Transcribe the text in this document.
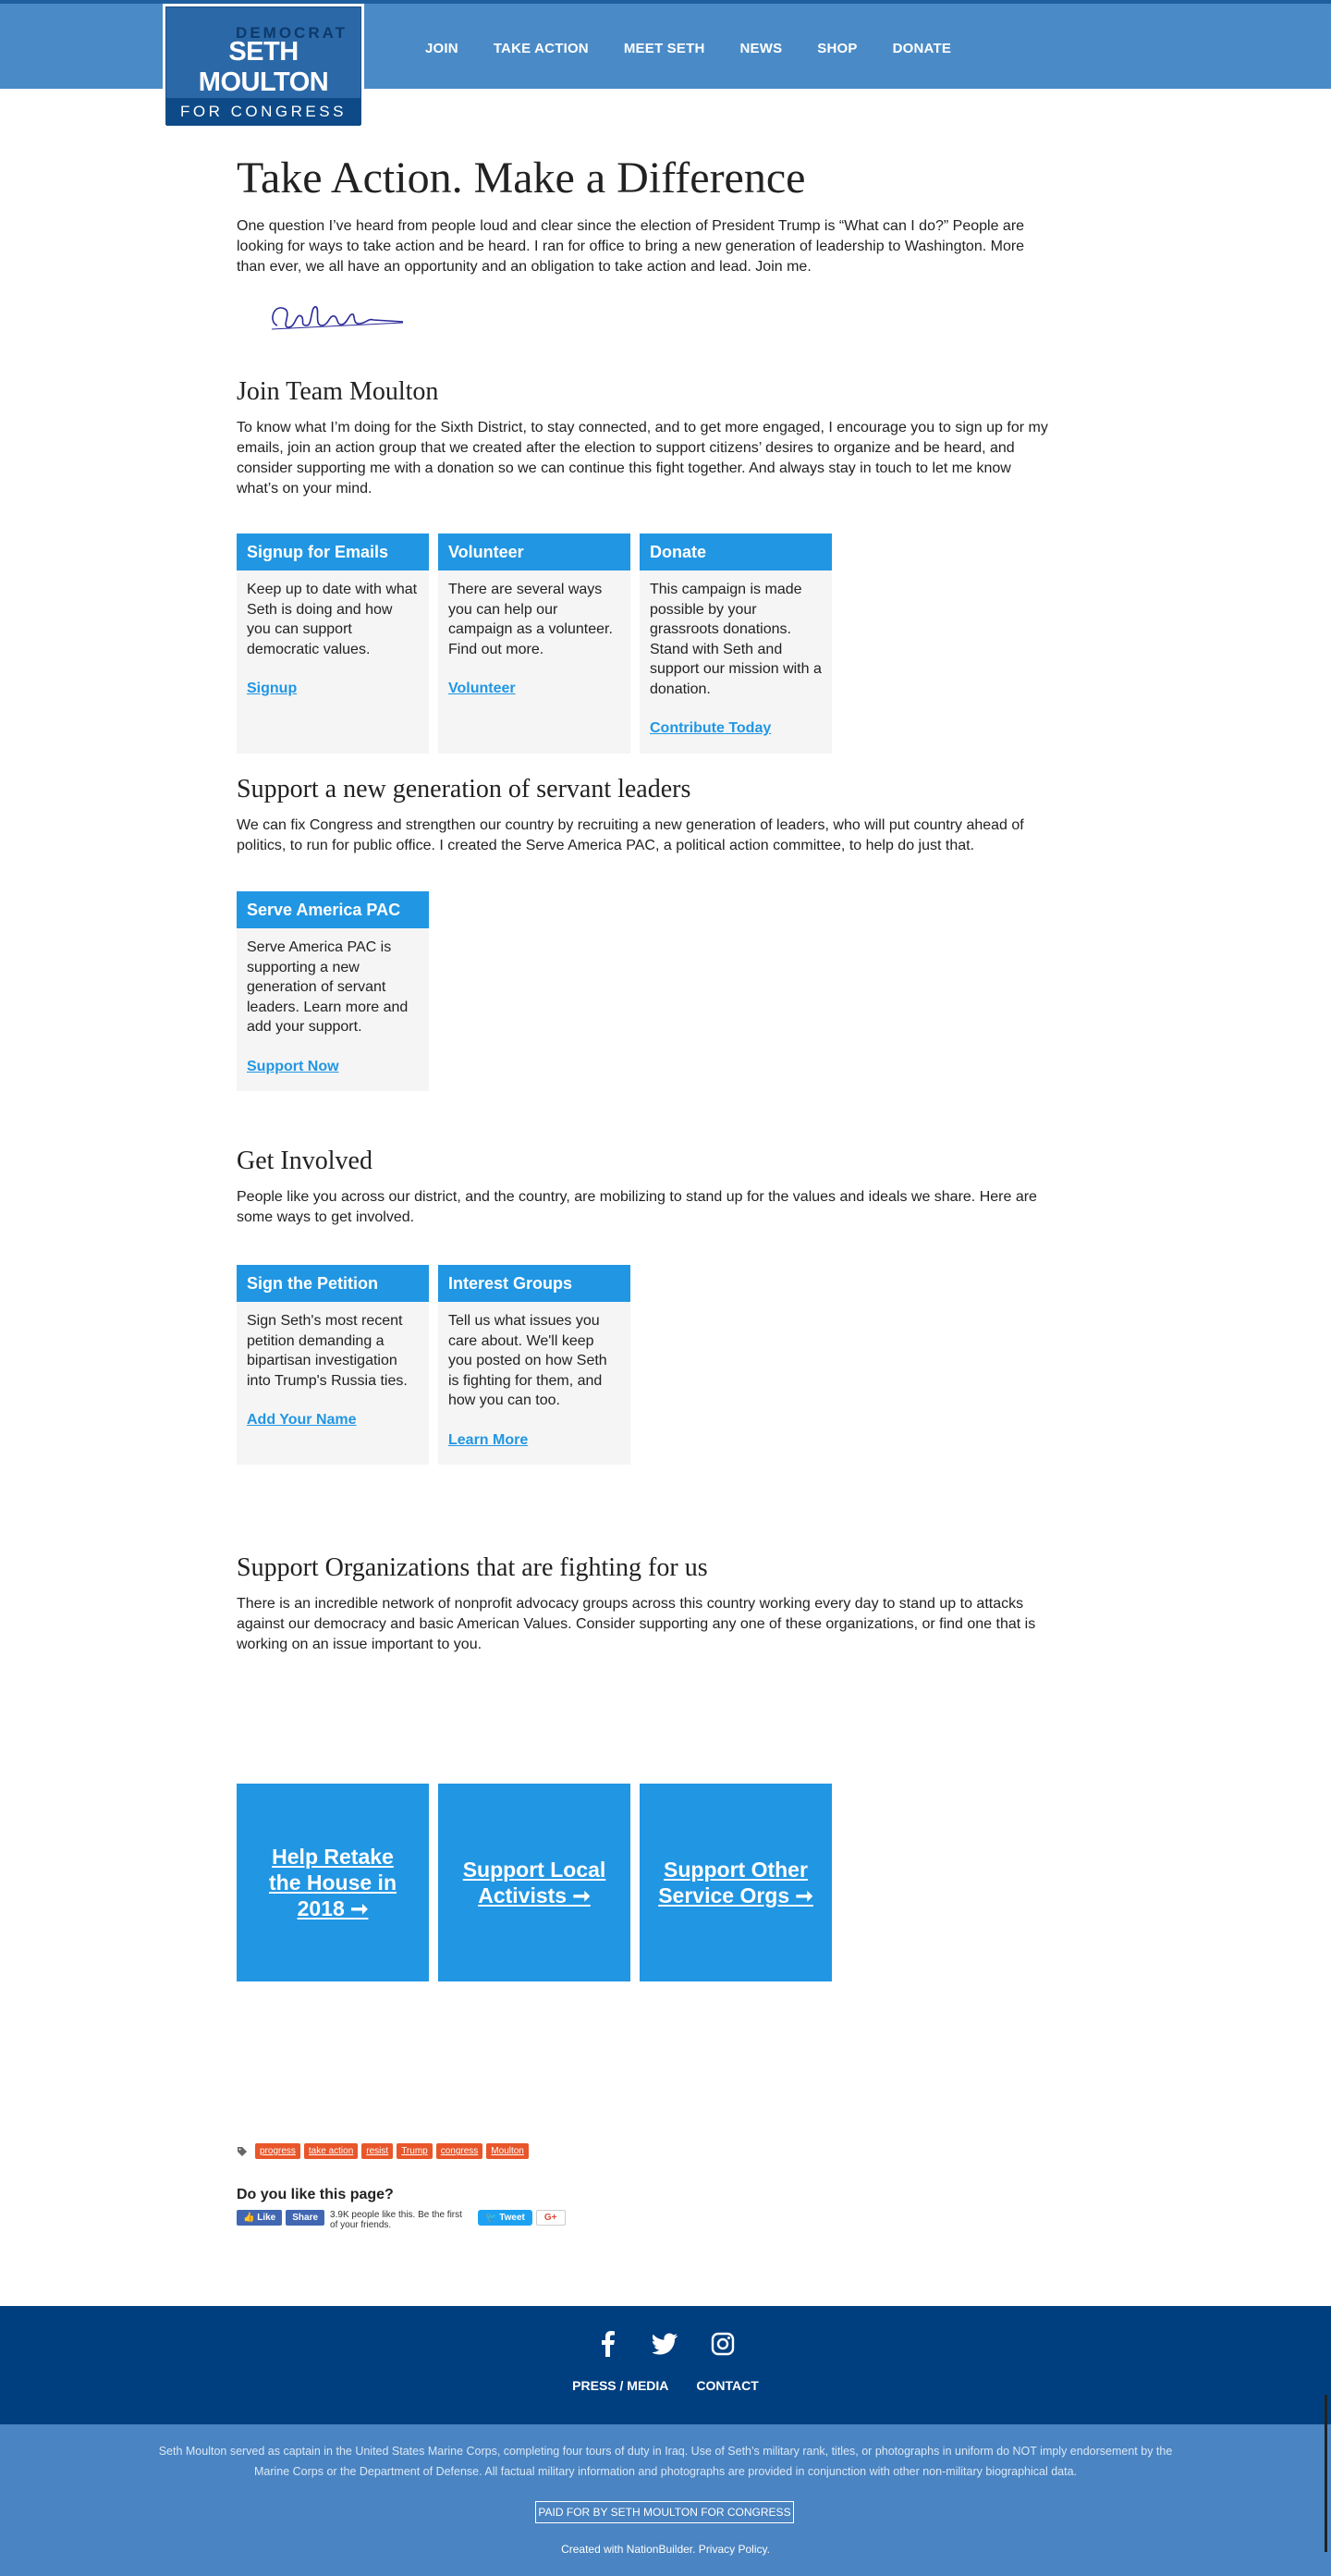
DEMOCRAT
SETH MOULTON
FOR CONGRESS
JOIN	TAKE ACTION	MEET SETH	NEWS	SHOP	DONATE
Take Action. Make a Difference

One question I’ve heard from people loud and clear since the election of President Trump is “What can I do?” People are looking for ways to take action and be heard. I ran for office to bring a new generation of leadership to Washington. More than ever, we all have an opportunity and an obligation to take action and lead. Join me.

Join Team Moulton

To know what I’m doing for the Sixth District, to stay connected, and to get more engaged, I encourage you to sign up for my emails, join an action group that we created after the election to support citizens’ desires to organize and be heard, and consider supporting me with a donation so we can continue this fight together. And always stay in touch to let me know what’s on your mind.

Signup for Emails
Keep up to date with what Seth is doing and how you can support democratic values.
Signup
Volunteer
There are several ways you can help our campaign as a volunteer. Find out more.
Volunteer
Donate
This campaign is made possible by your grassroots donations. Stand with Seth and support our mission with a donation.
Contribute Today
Support a new generation of servant leaders

We can fix Congress and strengthen our country by recruiting a new generation of leaders, who will put country ahead of politics, to run for public office. I created the Serve America PAC, a political action committee, to help do just that.

Serve America PAC
Serve America PAC is supporting a new generation of servant leaders. Learn more and add your support.
Support Now
Get Involved

People like you across our district, and the country, are mobilizing to stand up for the values and ideals we share. Here are some ways to get involved.

Sign the Petition
Sign Seth's most recent petition demanding a bipartisan investigation into Trump's Russia ties.
Add Your Name
Interest Groups
Tell us what issues you care about. We'll keep you posted on how Seth is fighting for them, and how you can too.
Learn More
Support Organizations that are fighting for us

There is an incredible network of nonprofit advocacy groups across this country working every day to stand up to attacks against our democracy and basic American Values. Consider supporting any one of these organizations, or find one that is working on an issue important to you.

Help Retake the House in 2018 ➞
Support Local Activists ➞
Support Other Service Orgs ➞
progress	take action	resist	Trump	congress	Moulton
Do you like this page?
👍 Like	Share	3.9K people like this. Be the first of your friends.
🐦 Tweet	G+
PRESS / MEDIA CONTACT
Seth Moulton served as captain in the United States Marine Corps, completing four tours of duty in Iraq. Use of Seth’s military rank, titles, or photographs in uniform do NOT imply endorsement by the Marine Corps or the Department of Defense. All factual military information and photographs are provided in conjunction with other non-military biographical data.
PAID FOR BY SETH MOULTON FOR CONGRESS
Created with NationBuilder. Privacy Policy.
